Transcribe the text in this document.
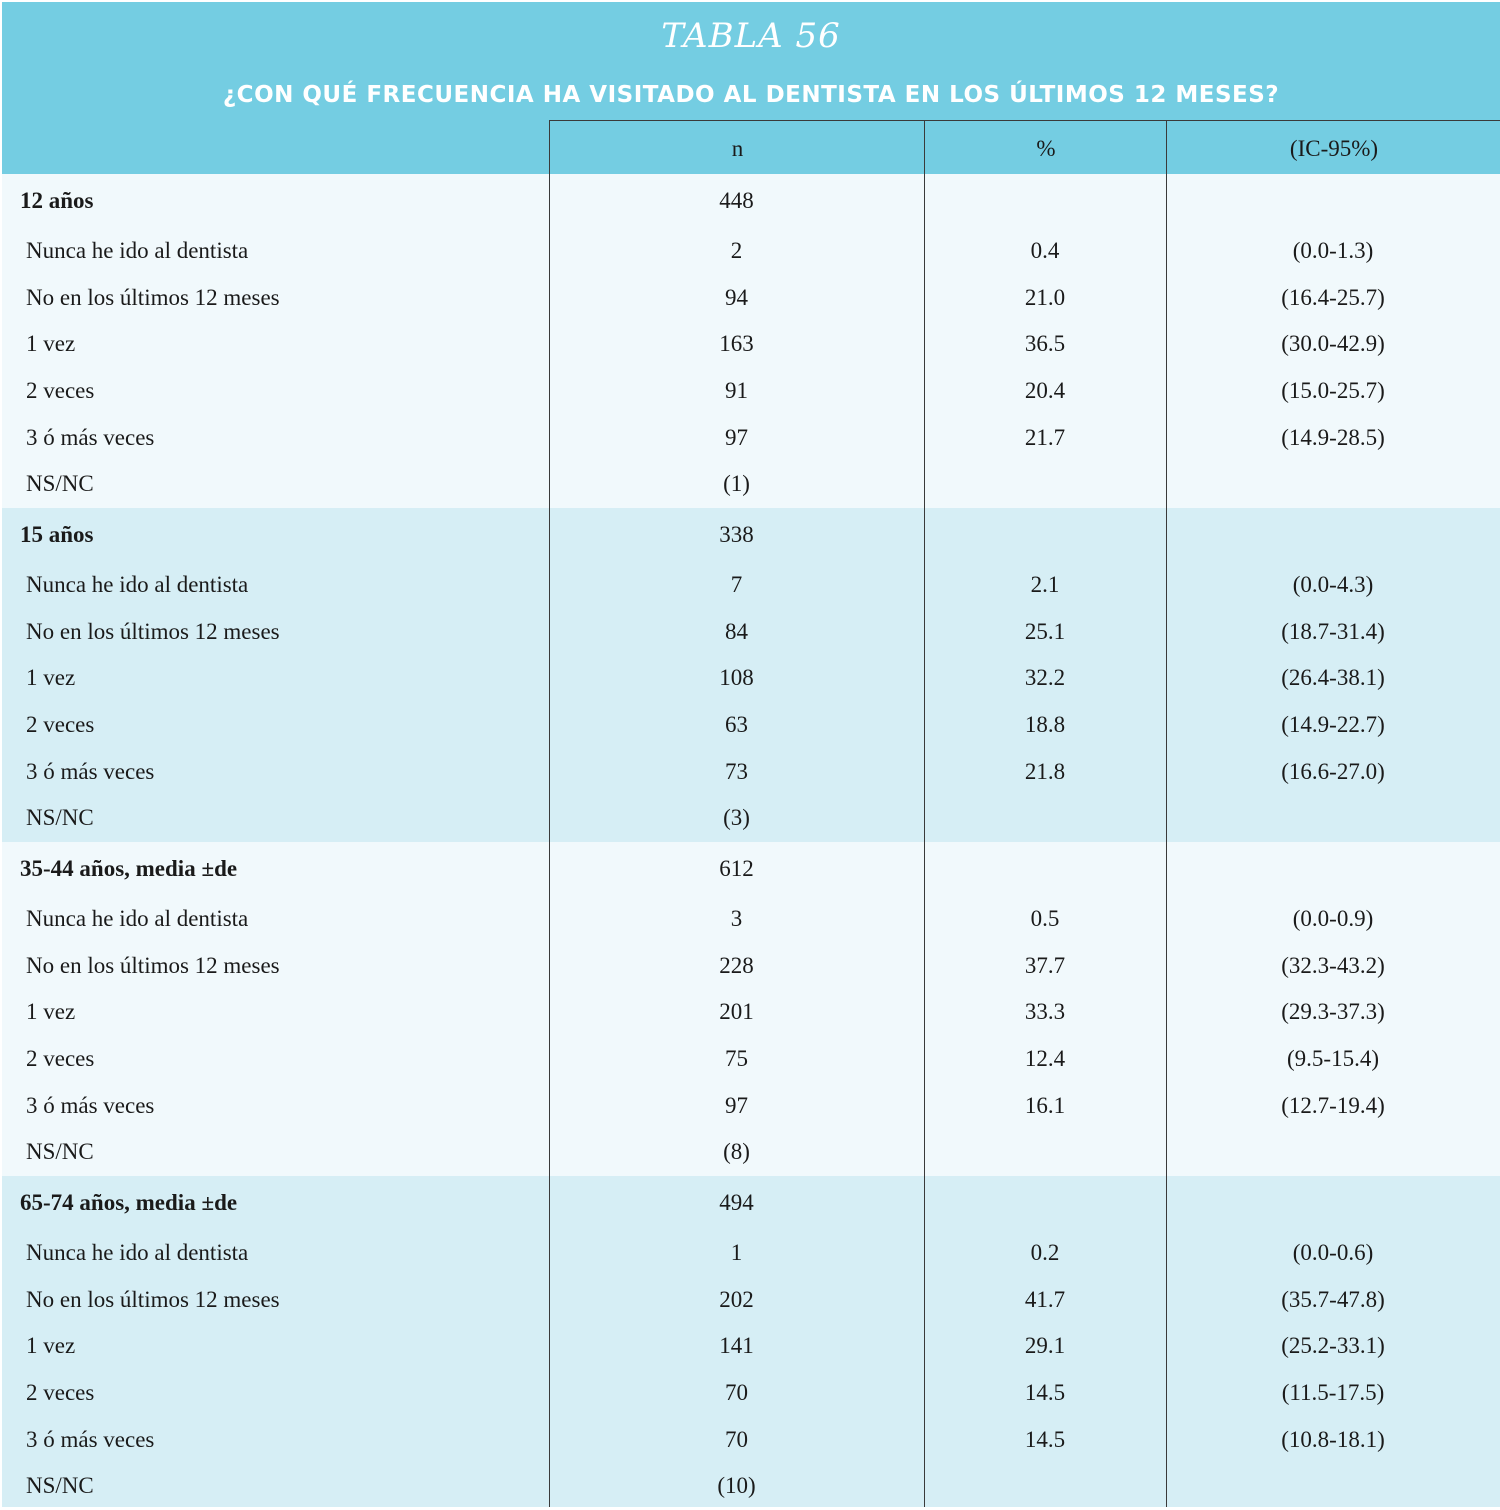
TABLA 56
¿CON QUÉ FRECUENCIA HA VISITADO AL DENTISTA EN LOS ÚLTIMOS 12 MESES?
n	%	(IC-95%)
12 años	448
Nunca he ido al dentista	2	0.4	(0.0-1.3)
No en los últimos 12 meses	94	21.0	(16.4-25.7)
1 vez	163	36.5	(30.0-42.9)
2 veces	91	20.4	(15.0-25.7)
3 ó más veces	97	21.7	(14.9-28.5)
NS/NC	(1)
15 años	338
Nunca he ido al dentista	7	2.1	(0.0-4.3)
No en los últimos 12 meses	84	25.1	(18.7-31.4)
1 vez	108	32.2	(26.4-38.1)
2 veces	63	18.8	(14.9-22.7)
3 ó más veces	73	21.8	(16.6-27.0)
NS/NC	(3)
35-44 años, media ±de	612
Nunca he ido al dentista	3	0.5	(0.0-0.9)
No en los últimos 12 meses	228	37.7	(32.3-43.2)
1 vez	201	33.3	(29.3-37.3)
2 veces	75	12.4	(9.5-15.4)
3 ó más veces	97	16.1	(12.7-19.4)
NS/NC	(8)
65-74 años, media ±de	494
Nunca he ido al dentista	1	0.2	(0.0-0.6)
No en los últimos 12 meses	202	41.7	(35.7-47.8)
1 vez	141	29.1	(25.2-33.1)
2 veces	70	14.5	(11.5-17.5)
3 ó más veces	70	14.5	(10.8-18.1)
NS/NC	(10)
